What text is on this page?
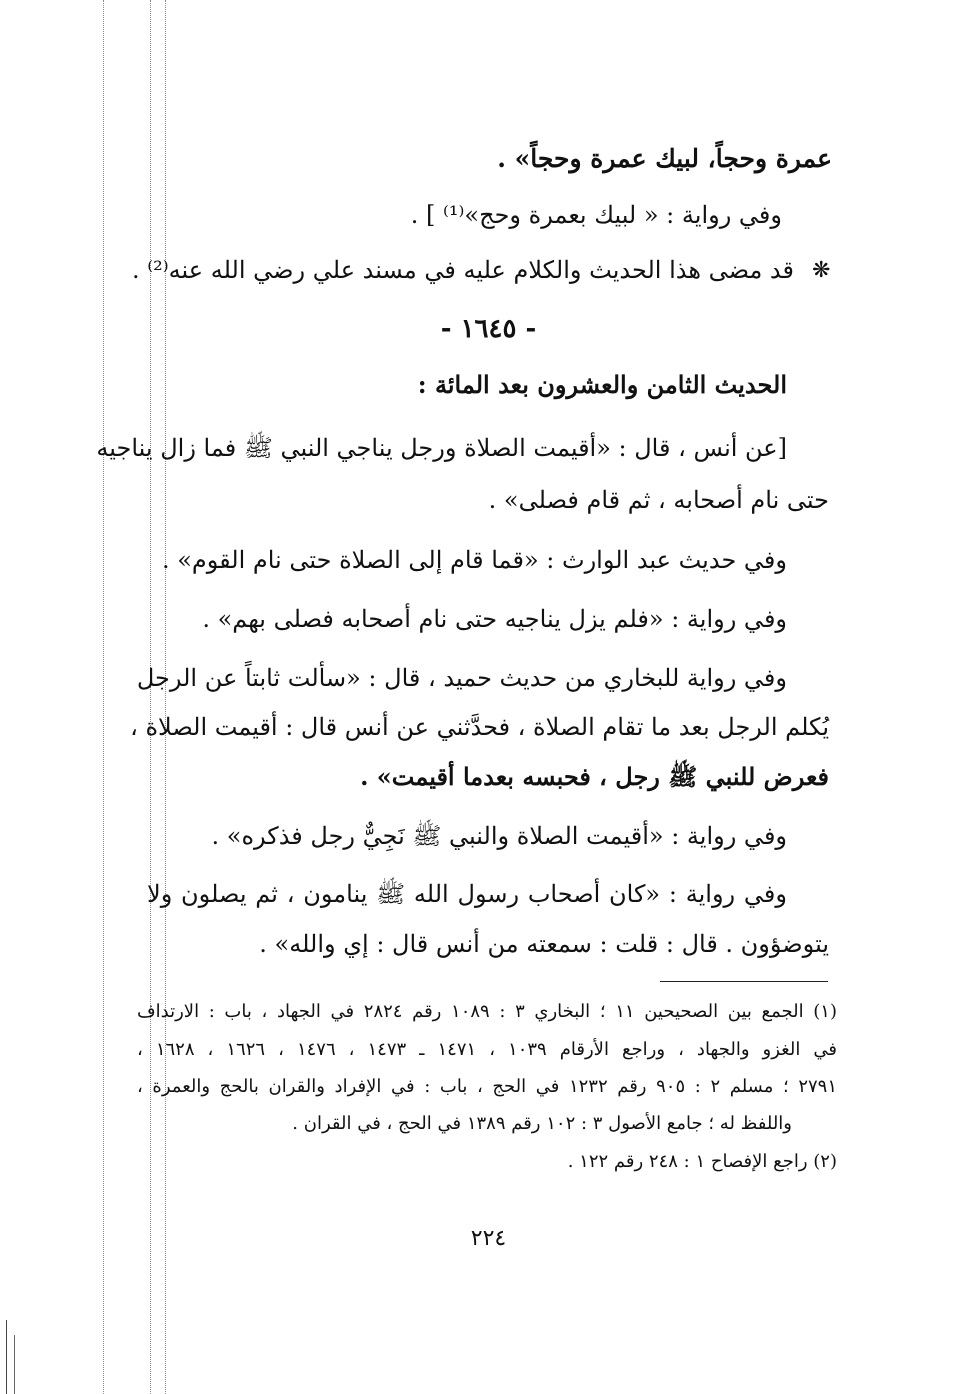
عمرة وحجاً، لبيك عمرة وحجاً» .
وفي رواية : « لبيك بعمرة وحج»⁽¹⁾ ] .
❋
قد مضى هذا الحديث والكلام عليه في مسند علي رضي الله عنه⁽²⁾ .
- ١٦٤٥ -
الحديث الثامن والعشرون بعد المائة :
[عن أنس ، قال : «أقيمت الصلاة ورجل يناجي النبي ﷺ فما زال يناجيه
حتى نام أصحابه ، ثم قام فصلى» .
وفي حديث عبد الوارث : «قما قام إلى الصلاة حتى نام القوم» .
وفي رواية : «فلم يزل يناجيه حتى نام أصحابه فصلى بهم» .
وفي رواية للبخاري من حديث حميد ، قال : «سألت ثابتاً عن الرجل
يُكلم الرجل بعد ما تقام الصلاة ، فحدَّثني عن أنس قال : أقيمت الصلاة ،
فعرض للنبي ﷺ رجل ، فحبسه بعدما أقيمت» .
وفي رواية : «أقيمت الصلاة والنبي ﷺ نَجِيٌّ رجل فذكره» .
وفي رواية : «كان أصحاب رسول الله ﷺ ينامون ، ثم يصلون ولا
يتوضؤون . قال : قلت : سمعته من أنس قال : إي والله» .
(١) الجمع بين الصحيحين ١١ ؛ البخاري ٣ : ١٠٨٩ رقم ٢٨٢٤ في الجهاد ، باب : الارتداف
في الغزو والجهاد ، وراجع الأرقام ١٠٣٩ ، ١٤٧١ ـ ١٤٧٣ ، ١٤٧٦ ، ١٦٢٦ ، ١٦٢٨ ،
٢٧٩١ ؛ مسلم ٢ : ٩٠٥ رقم ١٢٣٢ في الحج ، باب : في الإفراد والقران بالحج والعمرة ،
واللفظ له ؛ جامع الأصول ٣ : ١٠٢ رقم ١٣٨٩ في الحج ، في القران .
(٢) راجع الإفصاح ١ : ٢٤٨ رقم ١٢٢ .
٢٢٤
